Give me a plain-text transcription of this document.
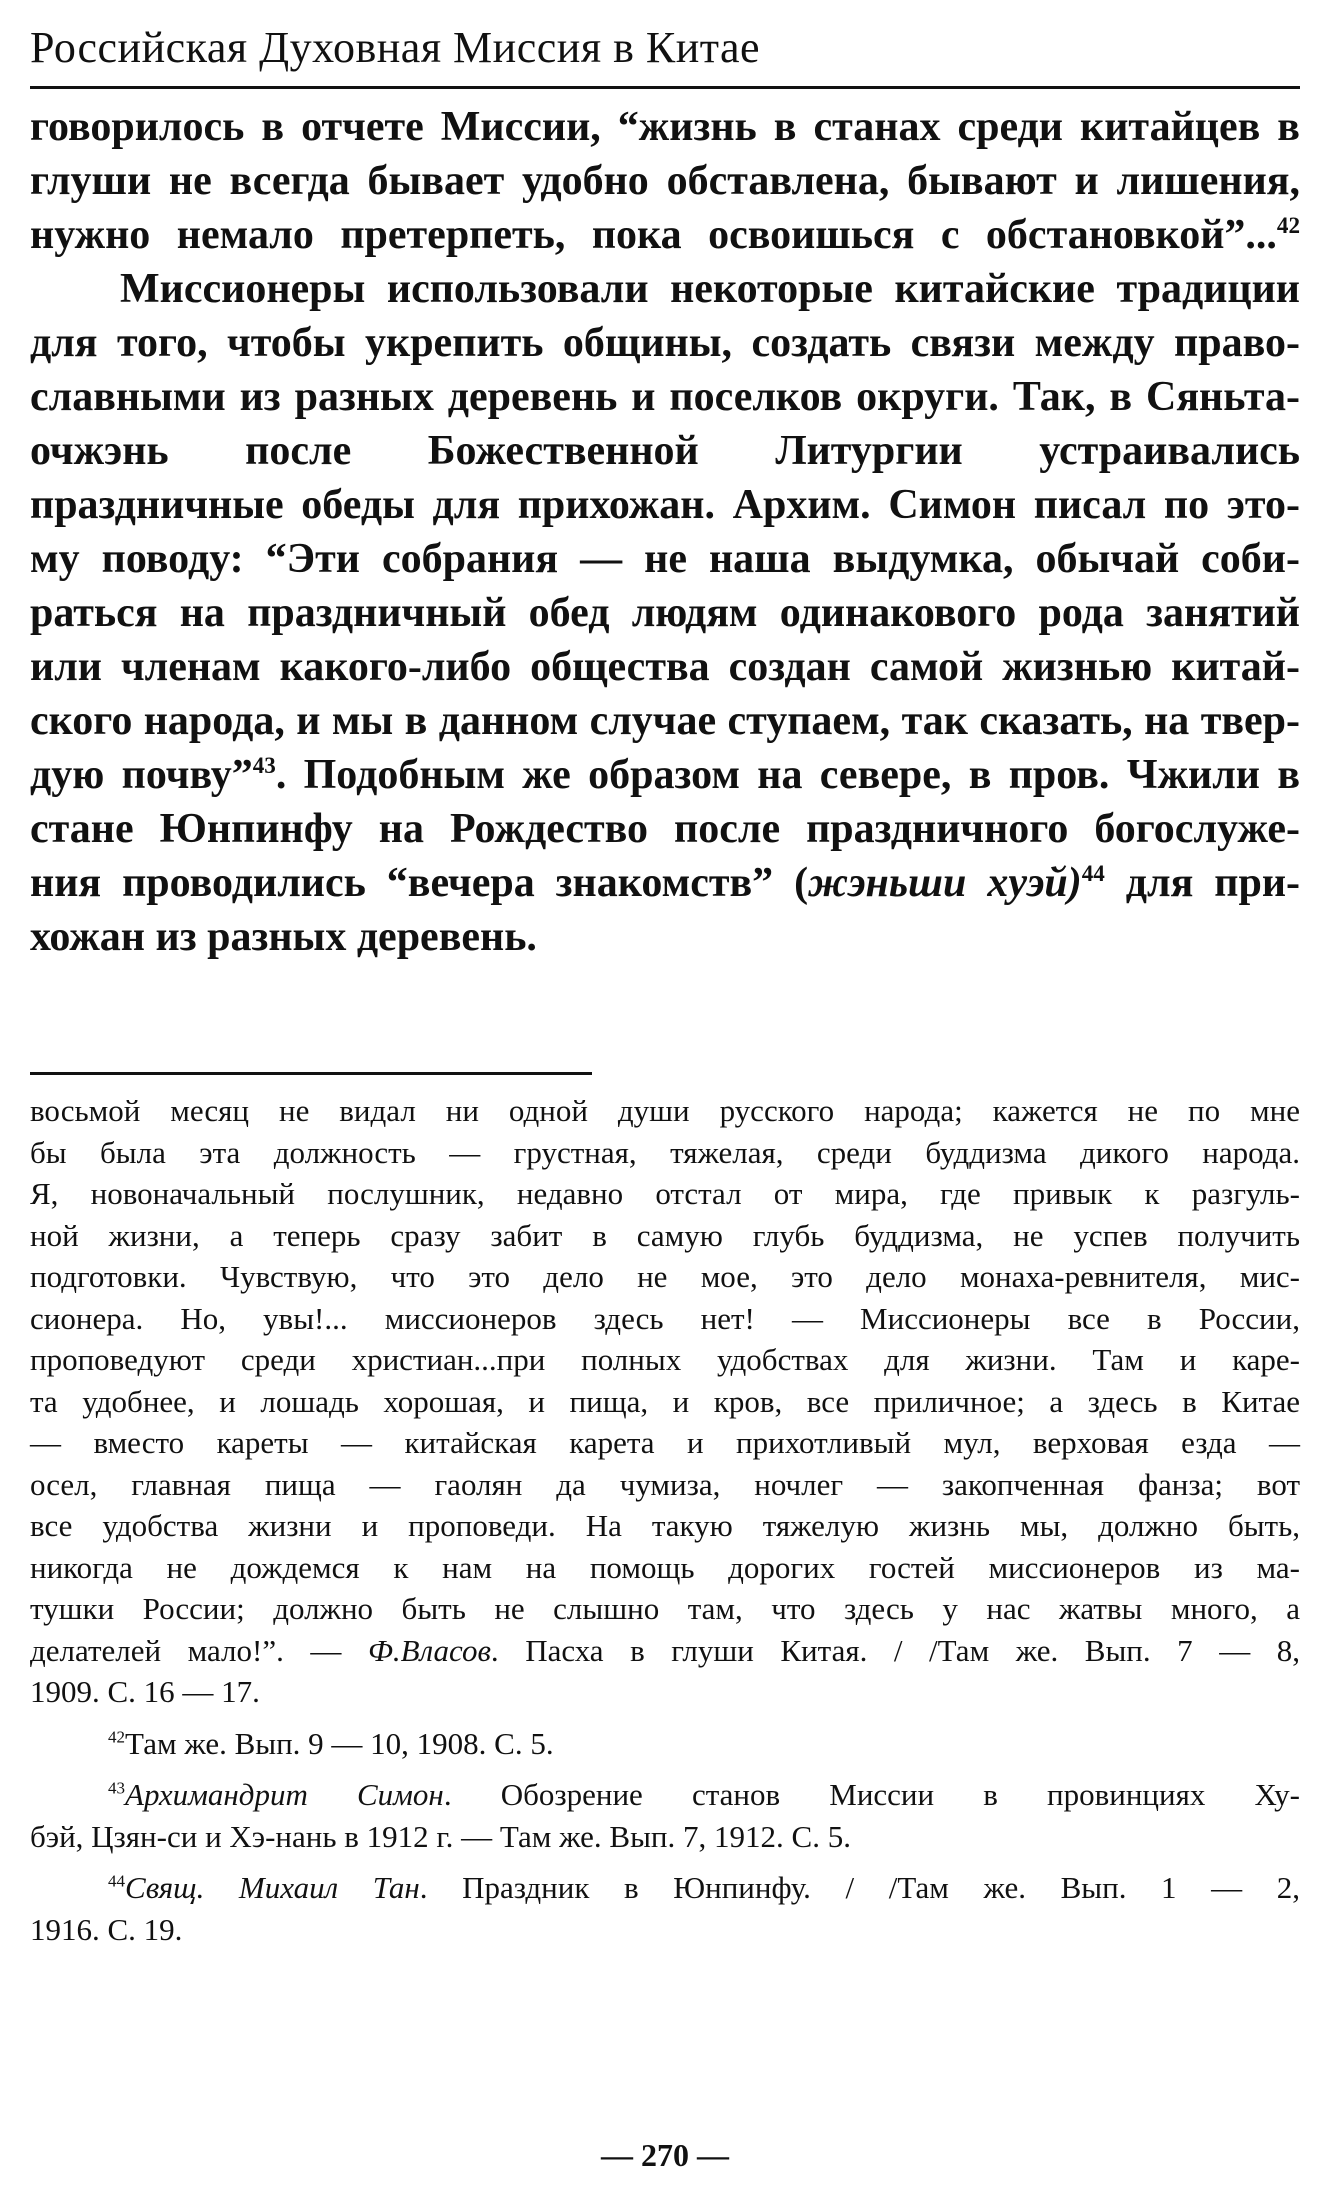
Российская Духовная Миссия в Китае
говорилось в отчете Миссии, “жизнь в станах среди китайцев в
глуши не всегда бывает удобно обставлена, бывают и лишения,
нужно немало претерпеть, пока освоишься с обстановкой”...$^{42}$
Миссионеры использовали некоторые китайские традиции
для того, чтобы укрепить общины, создать связи между право-
славными из разных деревень и поселков округи. Так, в Сяньта-
очжэнь после Божественной Литургии устраивались
праздничные обеды для прихожан. Архим. Симон писал по это-
му поводу: “Эти собрания — не наша выдумка, обычай соби-
раться на праздничный обед людям одинакового рода занятий
или членам какого-либо общества создан самой жизнью китай-
ского народа, и мы в данном случае ступаем, так сказать, на твер-
дую почву”$^{43}$. Подобным же образом на севере, в пров. Чжили в
стане Юнпинфу на Рождество после праздничного богослуже-
ния проводились “вечера знакомств” (жэньши хуэй)$^{44}$ для при-
хожан из разных деревень.
восьмой месяц не видал ни одной души русского народа; кажется не по мне
бы была эта должность — грустная, тяжелая, среди буддизма дикого народа.
Я, новоначальный послушник, недавно отстал от мира, где привык к разгуль-
ной жизни, а теперь сразу забит в самую глубь буддизма, не успев получить
подготовки. Чувствую, что это дело не мое, это дело монаха-ревнителя, мис-
сионера. Но, увы!... миссионеров здесь нет! — Миссионеры все в России,
проповедуют среди христиан...при полных удобствах для жизни. Там и каре-
та удобнее, и лошадь хорошая, и пища, и кров, все приличное; а здесь в Китае
— вместо кареты — китайская карета и прихотливый мул, верховая езда —
осел, главная пища — гаолян да чумиза, ночлег — закопченная фанза; вот
все удобства жизни и проповеди. На такую тяжелую жизнь мы, должно быть,
никогда не дождемся к нам на помощь дорогих гостей миссионеров из ма-
тушки России; должно быть не слышно там, что здесь у нас жатвы много, а
делателей мало!”. — Ф.Власов. Пасха в глуши Китая. / /Там же. Вып. 7 — 8,
1909. С. 16 — 17.
$^{42}$Там же. Вып. 9 — 10, 1908. С. 5.
$^{43}$Архимандрит Симон. Обозрение станов Миссии в провинциях Ху-
бэй, Цзян-си и Хэ-нань в 1912 г. — Там же. Вып. 7, 1912. С. 5.
$^{44}$Свящ. Михаил Тан. Праздник в Юнпинфу. / /Там же. Вып. 1 — 2,
1916. С. 19.
— 270 —
